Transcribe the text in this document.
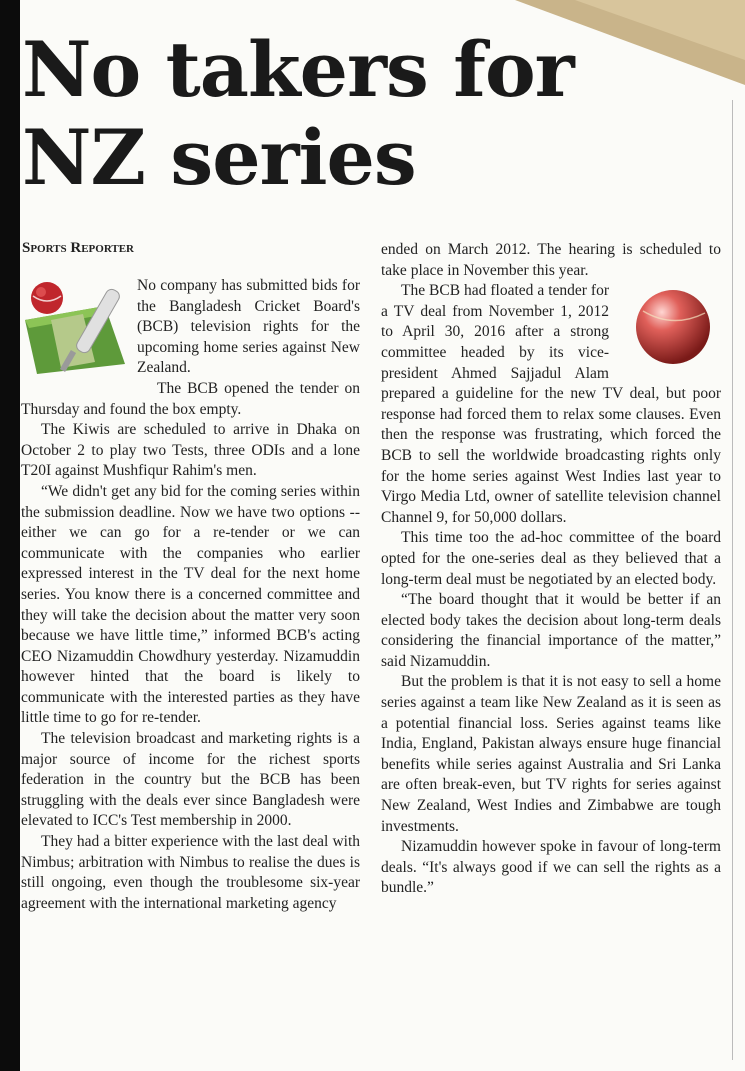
No takers for NZ series
Sports Reporter

No company has submitted bids for the Bangladesh Cricket Board's (BCB) television rights for the upcoming home series against New Zealand.

The BCB opened the tender on Thursday and found the box empty.

The Kiwis are scheduled to arrive in Dhaka on October 2 to play two Tests, three ODIs and a lone T20I against Mushfiqur Rahim's men.

“We didn't get any bid for the coming series within the submission deadline. Now we have two options -- either we can go for a re-tender or we can communicate with the companies who earlier expressed interest in the TV deal for the next home series. You know there is a concerned committee and they will take the decision about the matter very soon because we have little time,” informed BCB's acting CEO Nizamuddin Chowdhury yesterday. Nizamuddin however hinted that the board is likely to communicate with the interested parties as they have little time to go for re-tender.

The television broadcast and marketing rights is a major source of income for the richest sports federation in the country but the BCB has been struggling with the deals ever since Bangladesh were elevated to ICC's Test membership in 2000.

They had a bitter experience with the last deal with Nimbus; arbitration with Nimbus to realise the dues is still ongoing, even though the troublesome six-year agreement with the international marketing agency

ended on March 2012. The hearing is scheduled to take place in November this year.

The BCB had floated a tender for a TV deal from November 1, 2012 to April 30, 2016 after a strong committee headed by its vice-president Ahmed Sajjadul Alam prepared a guideline for the new TV deal, but poor response had forced them to relax some clauses. Even then the response was frustrating, which forced the BCB to sell the worldwide broadcasting rights only for the home series against West Indies last year to Virgo Media Ltd, owner of satellite television channel Channel 9, for 50,000 dollars.

This time too the ad-hoc committee of the board opted for the one-series deal as they believed that a long-term deal must be negotiated by an elected body.

“The board thought that it would be better if an elected body takes the decision about long-term deals considering the financial importance of the matter,” said Nizamuddin.

But the problem is that it is not easy to sell a home series against a team like New Zealand as it is seen as a potential financial loss. Series against teams like India, England, Pakistan always ensure huge financial benefits while series against Australia and Sri Lanka are often break-even, but TV rights for series against New Zealand, West Indies and Zimbabwe are tough investments.

Nizamuddin however spoke in favour of long-term deals. “It's always good if we can sell the rights as a bundle.”
